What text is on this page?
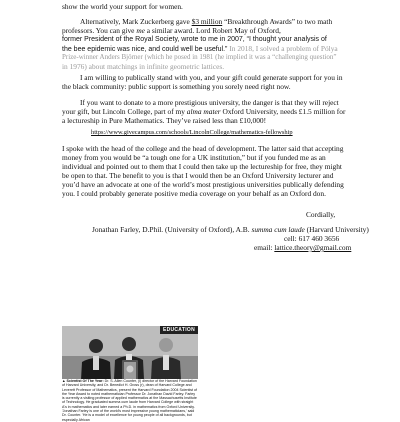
show the world your support for women.
Alternatively, Mark Zuckerberg gave $3 million “Breakthrough Awards” to two math
professors. You can give me a similar award. Lord Robert May of Oxford,
former President of the Royal Society, wrote to me in 2007, “I thought your analysis of
the bee epidemic was nice, and could well be useful.” In 2018, I solved a problem of Pólya
Prize-winner Anders Björner (which he posed in 1981 (he implied it was a “challenging question”
in 1976) about matchings in infinite geometric lattices.
I am willing to publically stand with you, and your gift could generate support for you in
the black community: public support is something you sorely need right now.
If you want to donate to a more prestigious university, the danger is that they will reject
your gift, but Lincoln College, part of my alma mater Oxford University, needs £1.5 million for
a lectureship in Pure Mathematics. They’ve raised less than £10,000!
https://www.givecampus.com/schools/LincolnCollege/mathematics-fellowship
I spoke with the head of the college and the head of development. The latter said that accepting
money from you would be “a tough one for a UK institution,” but if you funded me as an
individual and pointed out to them that I could then take up the lectureship for free, they might
be open to that. The benefit to you is that I would then be an Oxford University lecturer and
you’d have an advocate at one of the world’s most prestigious universities publically defending
you. I could probably generate positive media coverage on your behalf as an Oxford don.
Cordially,
Jonathan Farley, D.Phil. (University of Oxford), A.B. summa cum laude (Harvard University)
cell: 617 460 3656
email: lattice.theory@gmail.com
EDUCATION
▲ Scientist Of The Year: Dr. S. Allen Counter, (l) director of the Harvard Foundation of Harvard University, and Dr. Benedict H. Gross (r), dean of Harvard College and Leverett Professor of Mathematics, present the Harvard Foundation 2004 Scientist of the Year Award to noted mathematician Professor Dr. Jonathan David Farley. Farley is currently a visiting professor of applied mathematics at the Massachusetts Institute of Technology. He graduated summa cum laude from Harvard College with straight A's in mathematics and later earned a Ph.D. in mathematics from Oxford University. 'Jonathan Farley is one of the world's most impressive young mathematicians,' said Dr. Counter. 'He is a model of excellence for young people of all backgrounds, but especially African
